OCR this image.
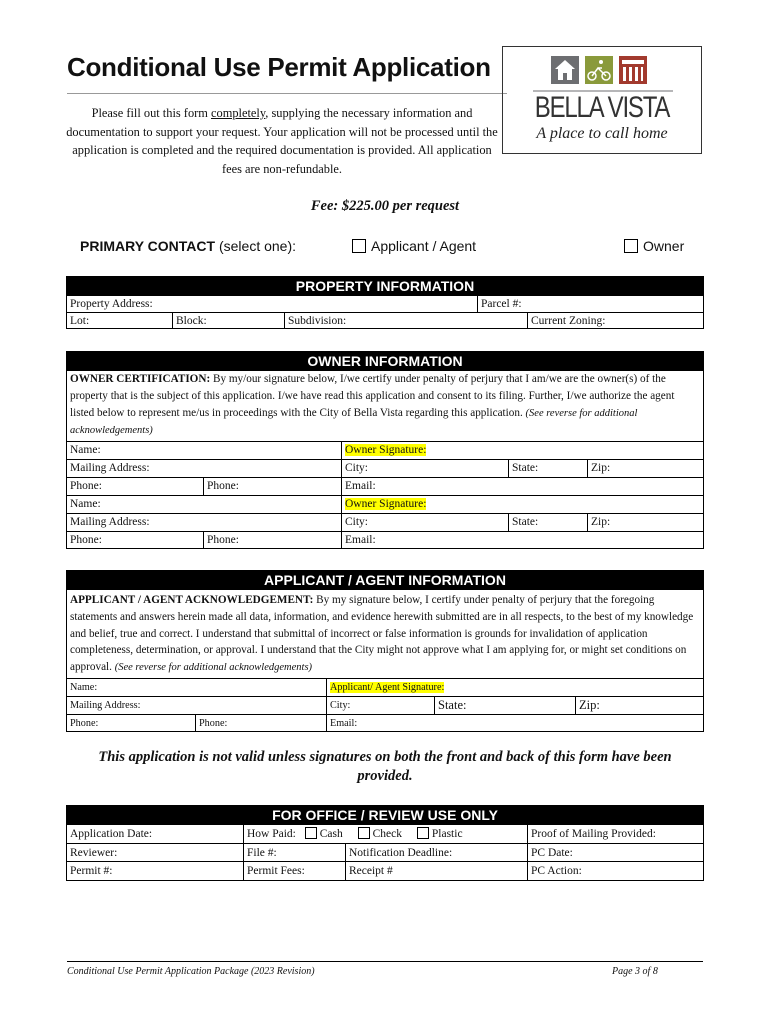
Conditional Use Permit Application
Please fill out this form completely, supplying the necessary information and documentation to support your request. Your application will not be processed until the application is completed and the required documentation is provided. All application fees are non-refundable.
BELLA VISTA
A place to call home
Fee: $225.00 per request
PRIMARY CONTACT (select one):	Applicant / Agent	Owner
PROPERTY INFORMATION
Property Address:	Parcel #:
Lot:	Block:	Subdivision:	Current Zoning:
OWNER INFORMATION
OWNER CERTIFICATION: By my/our signature below, I/we certify under penalty of perjury that I am/we are the owner(s) of the property that is the subject of this application. I/we have read this application and consent to its filing. Further, I/we authorize the agent listed below to represent me/us in proceedings with the City of Bella Vista regarding this application. (See reverse for additional acknowledgements)
Name:	Owner Signature:
Mailing Address:	City:	State:	Zip:
Phone:	Phone:	Email:
Name:	Owner Signature:
Mailing Address:	City:	State:	Zip:
Phone:	Phone:	Email:
APPLICANT / AGENT INFORMATION
APPLICANT / AGENT ACKNOWLEDGEMENT: By my signature below, I certify under penalty of perjury that the foregoing statements and answers herein made all data, information, and evidence herewith submitted are in all respects, to the best of my knowledge and belief, true and correct. I understand that submittal of incorrect or false information is grounds for invalidation of application completeness, determination, or approval. I understand that the City might not approve what I am applying for, or might set conditions on approval. (See reverse for additional acknowledgements)
Name:	Applicant/ Agent Signature:
Mailing Address:	City:	State:	Zip:
Phone:	Phone:	Email:
This application is not valid unless signatures on both the front and back of this form have been provided.
FOR OFFICE / REVIEW USE ONLY
Application Date:	How Paid: Cash	Check	Plastic	Proof of Mailing Provided:
Reviewer:	File #:	Notification Deadline:	PC Date:
Permit #:	Permit Fees:	Receipt #	PC Action:
Conditional Use Permit Application Package (2023 Revision)	Page 3 of 8
